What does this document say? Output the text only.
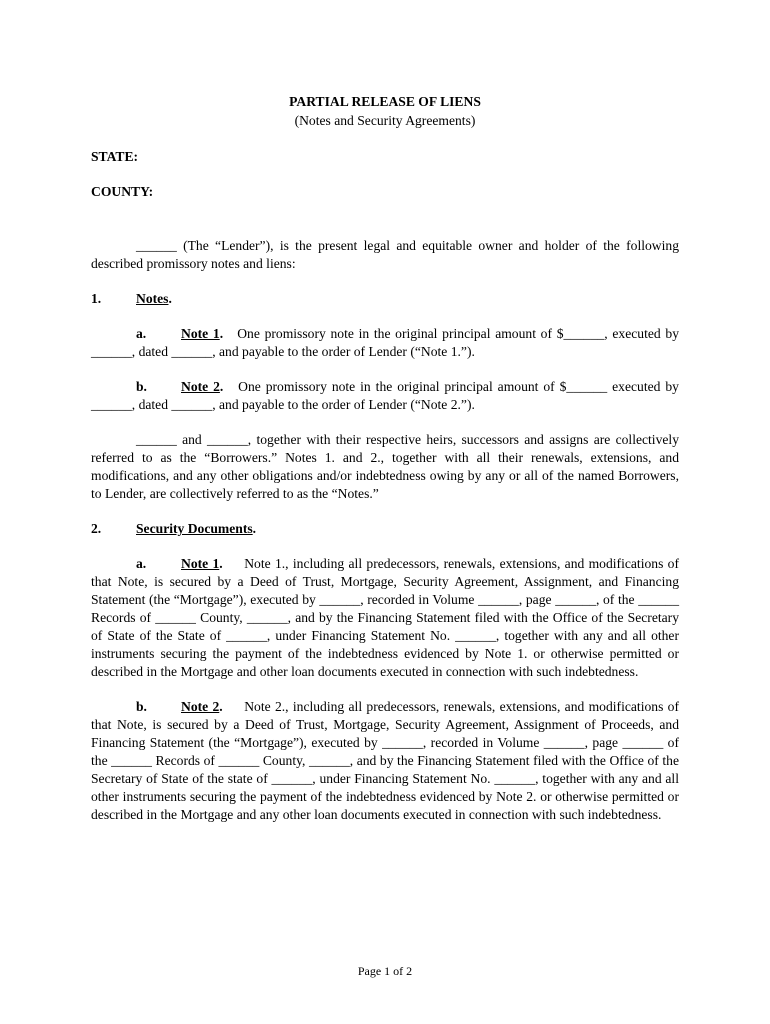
PARTIAL RELEASE OF LIENS

(Notes and Security Agreements)

STATE:

COUNTY:

______ (The “Lender”), is the present legal and equitable owner and holder of the following described promissory notes and liens:

1.	Notes.

a.	Note 1. One promissory note in the original principal amount of $______, executed by ______, dated ______, and payable to the order of Lender (“Note 1.”).

b.	Note 2. One promissory note in the original principal amount of $______ executed by ______, dated ______, and payable to the order of Lender (“Note 2.”).

______ and ______, together with their respective heirs, successors and assigns are collectively referred to as the “Borrowers.” Notes 1. and 2., together with all their renewals, extensions, and modifications, and any other obligations and/or indebtedness owing by any or all of the named Borrowers, to Lender, are collectively referred to as the “Notes.”

2.	Security Documents.

a.	Note 1. Note 1., including all predecessors, renewals, extensions, and modifications of that Note, is secured by a Deed of Trust, Mortgage, Security Agreement, Assignment, and Financing Statement (the “Mortgage”), executed by ______, recorded in Volume ______, page ______, of the ______ Records of ______ County, ______, and by the Financing Statement filed with the Office of the Secretary of State of the State of ______, under Financing Statement No. ______, together with any and all other instruments securing the payment of the indebtedness evidenced by Note 1. or otherwise permitted or described in the Mortgage and other loan documents executed in connection with such indebtedness.

b.	Note 2. Note 2., including all predecessors, renewals, extensions, and modifications of that Note, is secured by a Deed of Trust, Mortgage, Security Agreement, Assignment of Proceeds, and Financing Statement (the “Mortgage”), executed by ______, recorded in Volume ______, page ______ of the ______ Records of ______ County, ______, and by the Financing Statement filed with the Office of the Secretary of State of the state of ______, under Financing Statement No. ______, together with any and all other instruments securing the payment of the indebtedness evidenced by Note 2. or otherwise permitted or described in the Mortgage and any other loan documents executed in connection with such indebtedness.

Page 1 of 2
